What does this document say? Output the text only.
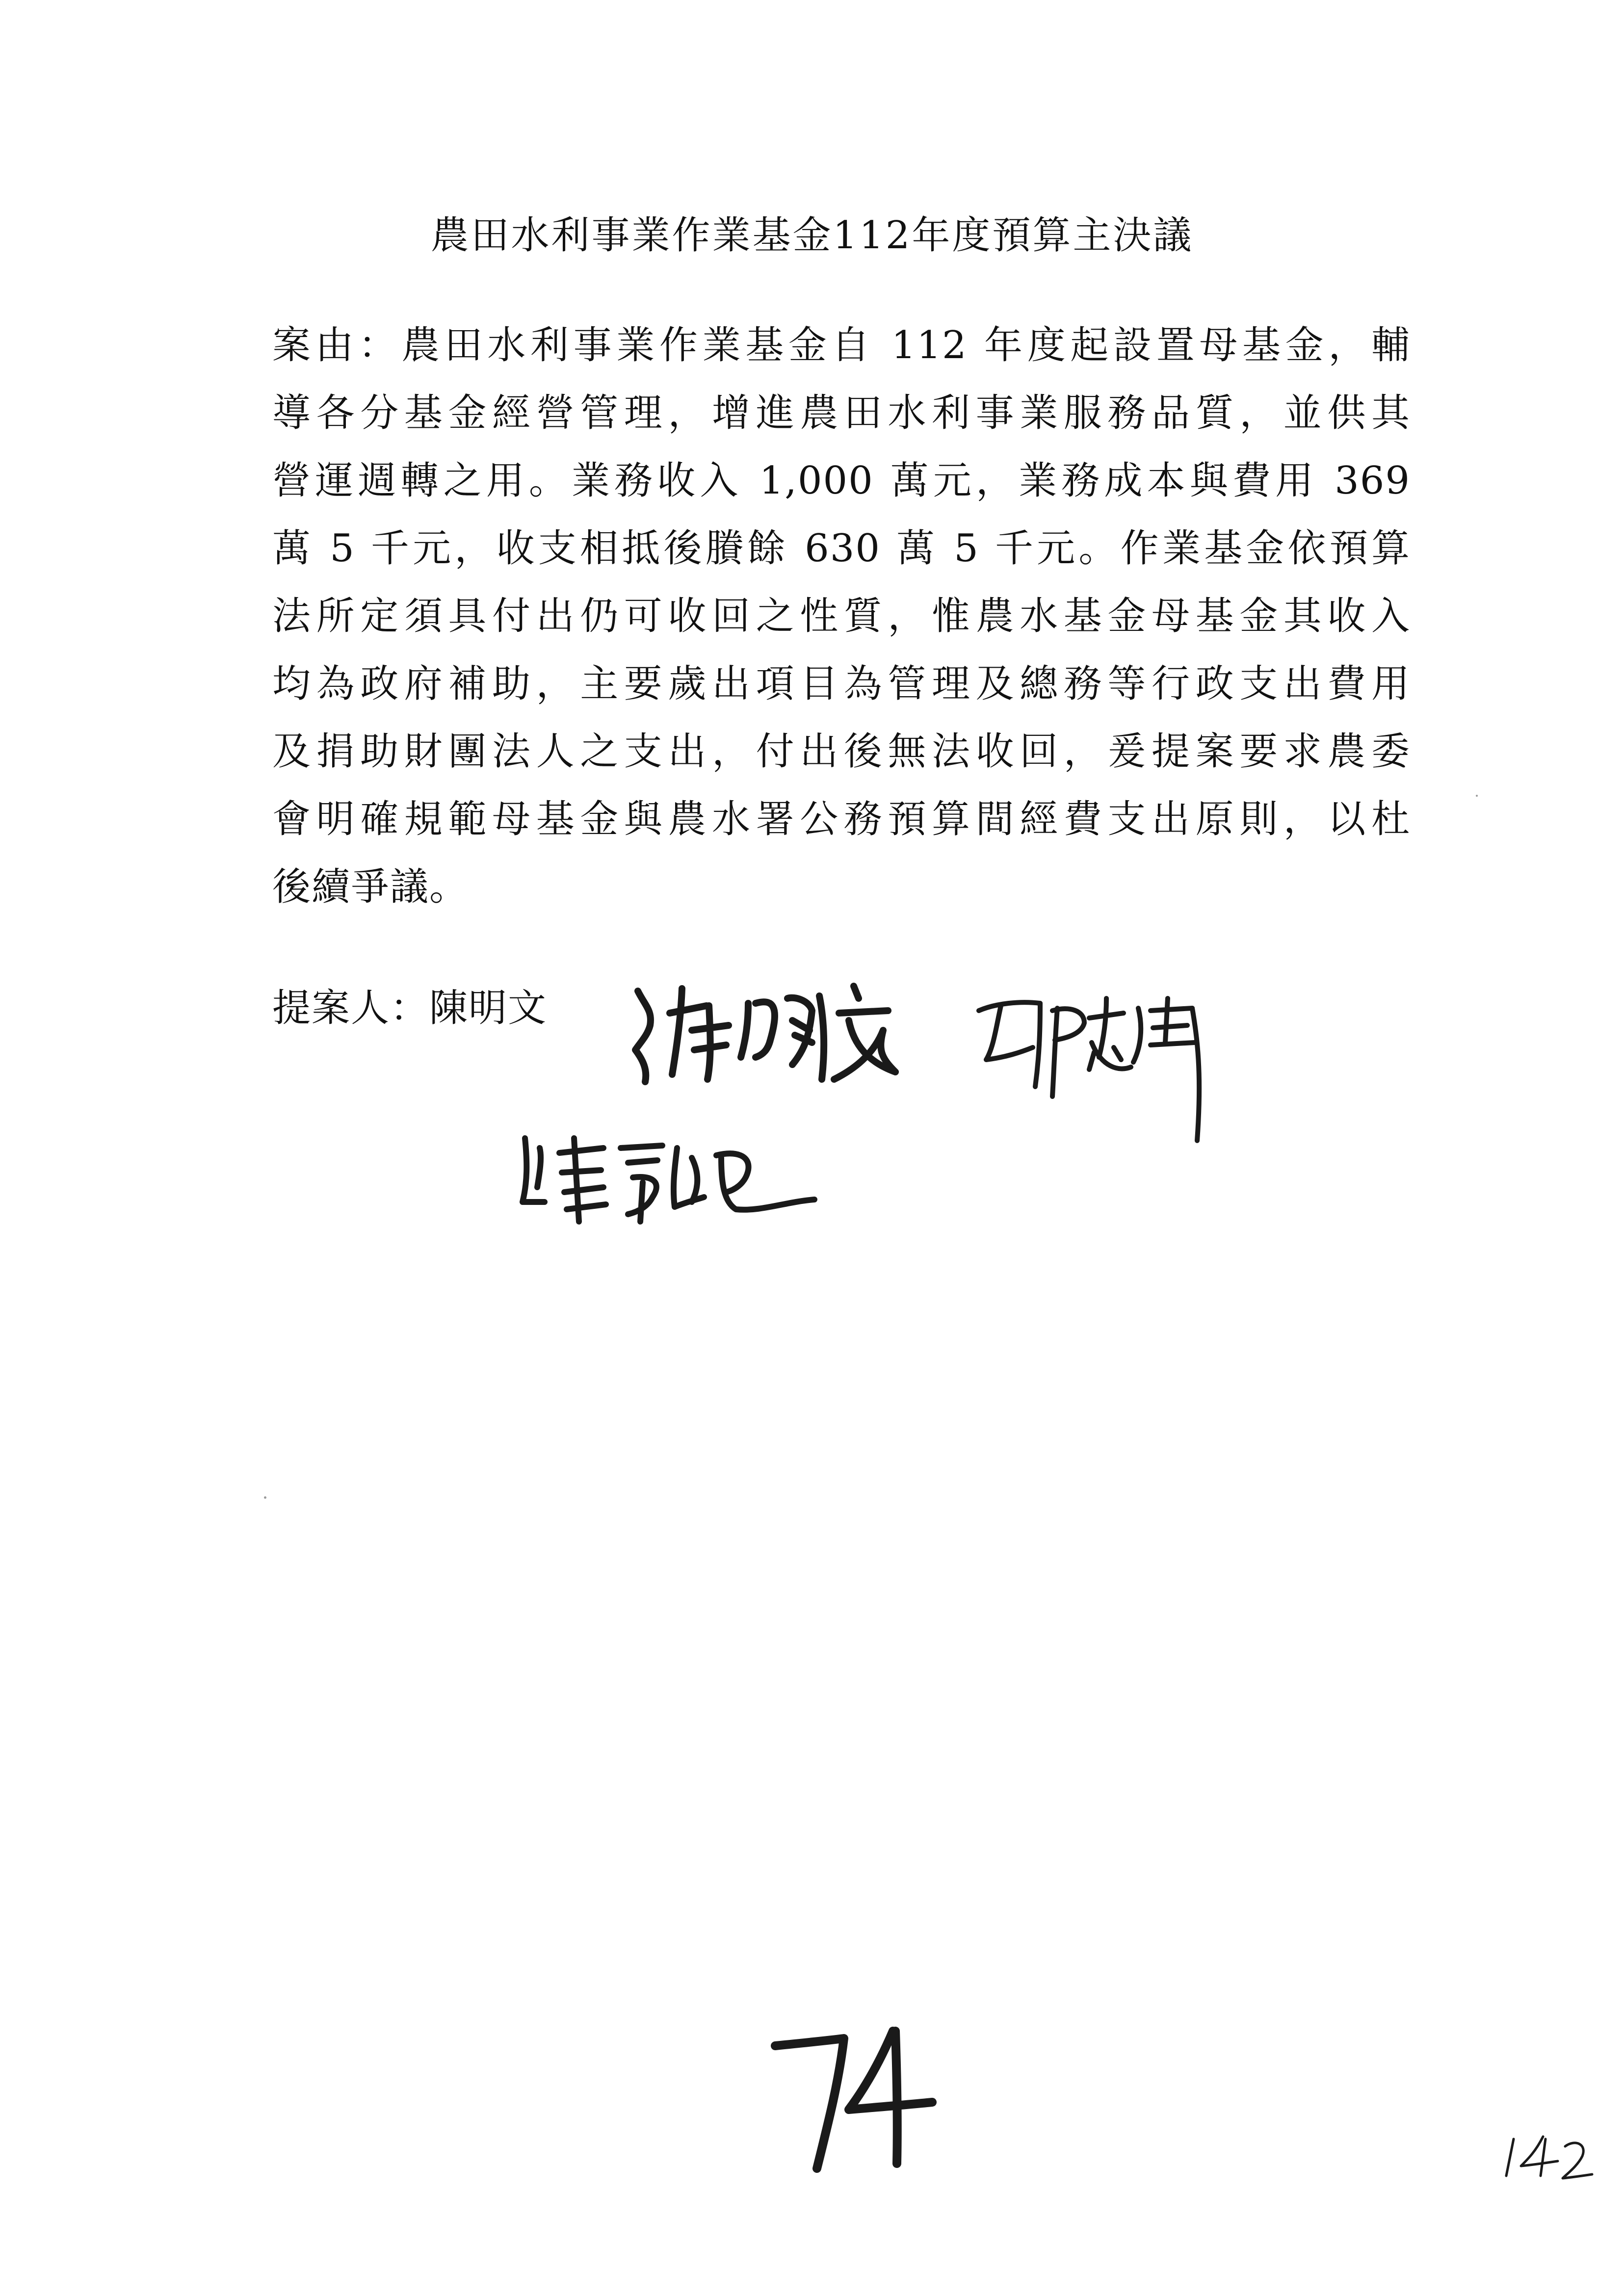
農田水利事業作業基金112年度預算主決議
案由：農田水利事業作業基金自 112 年度起設置母基金，輔
導各分基金經營管理，增進農田水利事業服務品質，並供其
營運週轉之用。業務收入 1,000 萬元，業務成本與費用 369
萬 5 千元，收支相抵後賸餘 630 萬 5 千元。作業基金依預算
法所定須具付出仍可收回之性質，惟農水基金母基金其收入
均為政府補助，主要歲出項目為管理及總務等行政支出費用
及捐助財團法人之支出，付出後無法收回，爰提案要求農委
會明確規範母基金與農水署公務預算間經費支出原則，以杜
後續爭議。
提案人：陳明文
